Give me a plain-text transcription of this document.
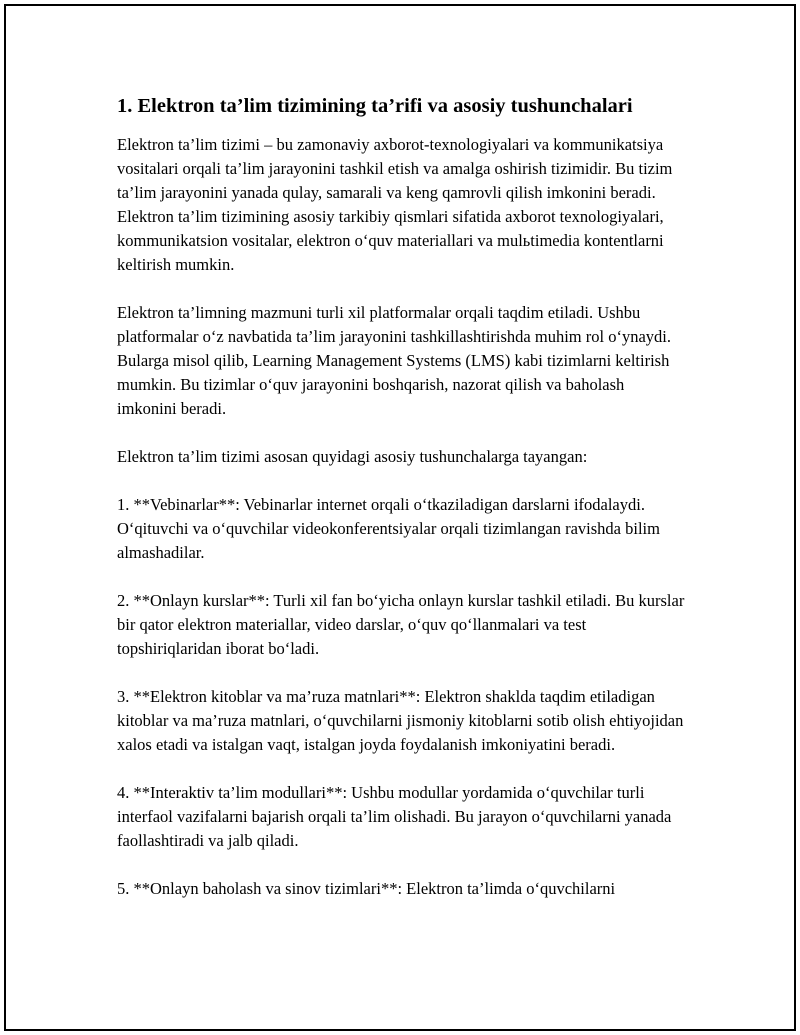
1. Elektron ta’lim tizimining ta’rifi va asosiy tushunchalari

Elektron ta’lim tizimi – bu zamonaviy axborot-texnologiyalari va kommunikatsiya vositalari orqali ta’lim jarayonini tashkil etish va amalga oshirish tizimidir. Bu tizim ta’lim jarayonini yanada qulay, samarali va keng qamrovli qilish imkonini beradi. Elektron ta’lim tizimining asosiy tarkibiy qismlari sifatida axborot texnologiyalari, kommunikatsion vositalar, elektron o‘quv materiallari va mulьtimedia kontentlarni keltirish mumkin.

Elektron ta’limning mazmuni turli xil platformalar orqali taqdim etiladi. Ushbu platformalar o‘z navbatida ta’lim jarayonini tashkillashtirishda muhim rol o‘ynaydi. Bularga misol qilib, Learning Management Systems (LMS) kabi tizimlarni keltirish mumkin. Bu tizimlar o‘quv jarayonini boshqarish, nazorat qilish va baholash imkonini beradi.

Elektron ta’lim tizimi asosan quyidagi asosiy tushunchalarga tayangan:

1. **Vebinarlar**: Vebinarlar internet orqali o‘tkaziladigan darslarni ifodalaydi. O‘qituvchi va o‘quvchilar videokonferentsiyalar orqali tizimlangan ravishda bilim almashadilar.

2. **Onlayn kurslar**: Turli xil fan bo‘yicha onlayn kurslar tashkil etiladi. Bu kurslar bir qator elektron materiallar, video darslar, o‘quv qo‘llanmalari va test topshiriqlaridan iborat bo‘ladi.

3. **Elektron kitoblar va ma’ruza matnlari**: Elektron shaklda taqdim etiladigan kitoblar va ma’ruza matnlari, o‘quvchilarni jismoniy kitoblarni sotib olish ehtiyojidan xalos etadi va istalgan vaqt, istalgan joyda foydalanish imkoniyatini beradi.

4. **Interaktiv ta’lim modullari**: Ushbu modullar yordamida o‘quvchilar turli interfaol vazifalarni bajarish orqali ta’lim olishadi. Bu jarayon o‘quvchilarni yanada faollashtiradi va jalb qiladi.

5. **Onlayn baholash va sinov tizimlari**: Elektron ta’limda o‘quvchilarni
